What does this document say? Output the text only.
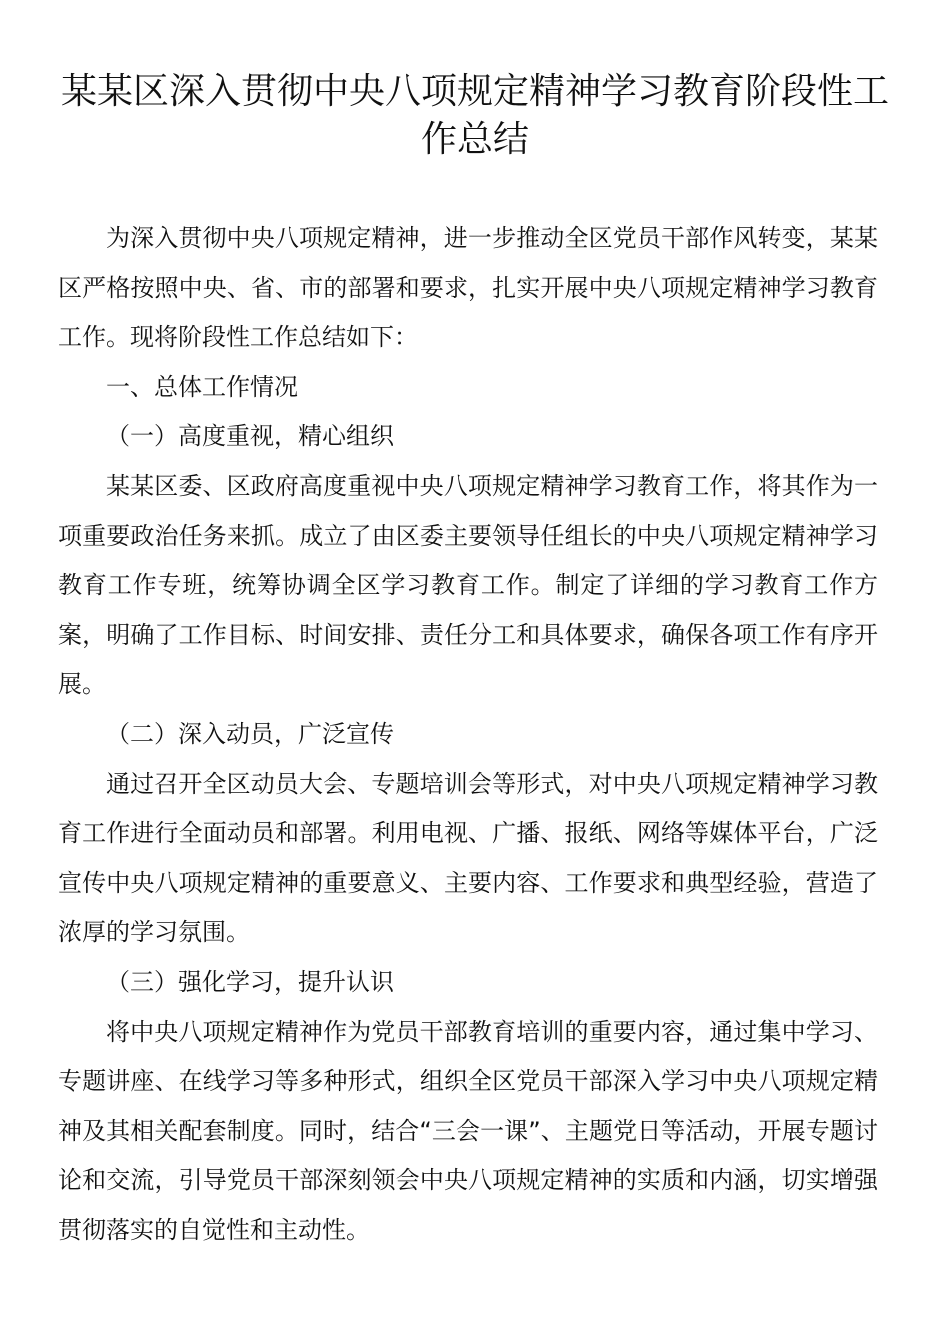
某某区深入贯彻中央八项规定精神学习教育阶段性工作总结

为深入贯彻中央八项规定精神，进一步推动全区党员干部作风转变，某某区严格按照中央、省、市的部署和要求，扎实开展中央八项规定精神学习教育工作。现将阶段性工作总结如下：

一、总体工作情况

（一）高度重视，精心组织

某某区委、区政府高度重视中央八项规定精神学习教育工作，将其作为一项重要政治任务来抓。成立了由区委主要领导任组长的中央八项规定精神学习教育工作专班，统筹协调全区学习教育工作。制定了详细的学习教育工作方案，明确了工作目标、时间安排、责任分工和具体要求，确保各项工作有序开展。

（二）深入动员，广泛宣传

通过召开全区动员大会、专题培训会等形式，对中央八项规定精神学习教育工作进行全面动员和部署。利用电视、广播、报纸、网络等媒体平台，广泛宣传中央八项规定精神的重要意义、主要内容、工作要求和典型经验，营造了浓厚的学习氛围。

（三）强化学习，提升认识

将中央八项规定精神作为党员干部教育培训的重要内容，通过集中学习、专题讲座、在线学习等多种形式，组织全区党员干部深入学习中央八项规定精神及其相关配套制度。同时，结合“三会一课”、主题党日等活动，开展专题讨论和交流，引导党员干部深刻领会中央八项规定精神的实质和内涵，切实增强贯彻落实的自觉性和主动性。
